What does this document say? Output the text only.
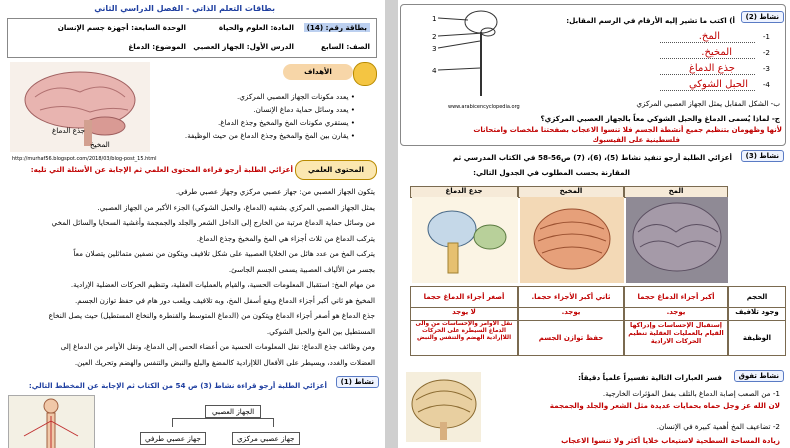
بطاقات التعلم الذاتي - الفصل الدراسي الثاني
بطاقة رقم: (14)
المادة: العلوم والحياة
الوحدة السابعة: أجهزة جسم الإنسان
الصف: السابع
الدرس الأول: الجهاز العصبي
الموضوع: الدماغ
جذع الدماغ
المخيخ
الأهداف
• يعدد مكونات الجهاز العصبي المركزي.
• يعدد وسائل حماية دماغ الإنسان.
• يستقري مكونات المخ والمخيخ وجذع الدماغ.
• يقارن بين المخ والمخيخ وجذع الدماغ من حيث الوظيفة.
http://murhaf56.blogspot.com/2018/03/blog-post_15.html
المحتوى العلمي
أعزائي الطلبة أرجو قراءة المحتوى العلمي ثم الإجابة عن الأسئلة التي تليه:
يتكون الجهاز العصبي من: جهاز عصبي مركزي وجهاز عصبي طرفي.
يمثل الجهاز العصبي المركزي بشقيه (الدماغ، والحبل الشوكي) الجزء الأكبر من الجهاز العصبي.
من وسائل حماية الدماغ مرتبة من الخارج إلى الداخل الشعر والجلد والجمجمة وأغشية السحايا والسائل المخي
يتركب الدماغ من ثلاث أجزاء هي المخ والمخيخ وجذع الدماغ.
يتركب المخ من عدد هائل من الخلايا العصبية على شكل تلافيف ويتكون من نصفين متماثلين يتصلان معاً
بجسر من الألياف العصبية يسمى الجسم الجاسئ.
من مهام المخ: استقبال المعلومات الحسية، والقيام بالعمليات العقلية، وتنظيم الحركات العضلية الإرادية.
المخيخ هو ثاني أكبر أجزاء الدماغ ويقع أسفل المخ، وبه تلافيف ويلعب دور هام في حفظ توازن الجسم.
جذع الدماغ هو أصغر أجزاء الدماغ ويتكون من (الدماغ المتوسط والقنطرة والنخاع المستطيل) حيث يصل النخاع
المستطيل بين المخ والحبل الشوكي.
ومن وظائف جذع الدماغ: نقل المعلومات الحسية من أعضاء الحس إلى الدماغ، ونقل الأوامر من الدماغ إلى
العضلات والغدد، ويسيطر على الأفعال اللاإرادية كالمضغ والبلع والنبض والتنفس والهضم وتحريك العين.
نشاط (1)
أعزائي الطلبة أرجو قراءة نشاط (3) ص 54 من الكتاب ثم الإجابة عن المخطط التالي:
الجهاز العصبي
جهاز عصبي مركزي
جهاز عصبي طرفي
نشاط (2)
أ) اكتب ما تشير إليه الأرقام في الرسم المقابل:
1
2
3
4
www.arabicencyclopedia.org
1-
المخ.
2-
المخيخ.
3-
جذع الدماغ
4-
الحبل الشوكي
ب- الشكل المقابل يمثل الجهاز العصبي المركزي
ج- لماذا يُسمى الدماغ والحبل الشوكي معاً بالجهاز العصبي المركزي؟
لأنها وظهومان بتنظيم جميع أنشطة الجسم فلا تنسوا الاعجاب بصفحتنا ملخصات وامتحانات
فلسطينية على الفيسبوك
نشاط (3)
أعزائي الطلبة أرجو تنفيذ نشاط (5)، (6)، (7) ص56-58 في الكتاب المدرسي ثم
المقارنة بحسب المطلوب في الجدول التالي:
المخ
المخيخ
جذع الدماغ
الحجم
أكبر أجزاء الدماغ حجما
ثاني أكبر الأجزاء حجما.
أصغر أجزاء الدماغ حجما
وجود تلافيف
يوجد.
يوجد.
لا يوجد
الوظيفة
إستقبال الإحساسات وإدراكها القيام بالعمليات العقلية تنظيم الحركات الارادية
حفظ توازن الجسم
نقل الاوامر والإحساسات من والى الدماغ السيطرة على الحركات اللاإرادية الهضم والتنفس والنبض
نشاط تفوق
فسر العبارات التالية تفسيراً علمياً دقيقاً:
1- من الصعب إصابة الدماغ بالتلف بفعل المؤثرات الخارجية.
لان الله عز وجل حماه بحمايات عديدة مثل الشعر والجلد والجمجمة
2- تضاعيف المخ أهمية كبيرة في الإنسان.
زيادة المساحة السطحية لاستيعاب خلايا أكثر ولا تنسوا الاعجاب
